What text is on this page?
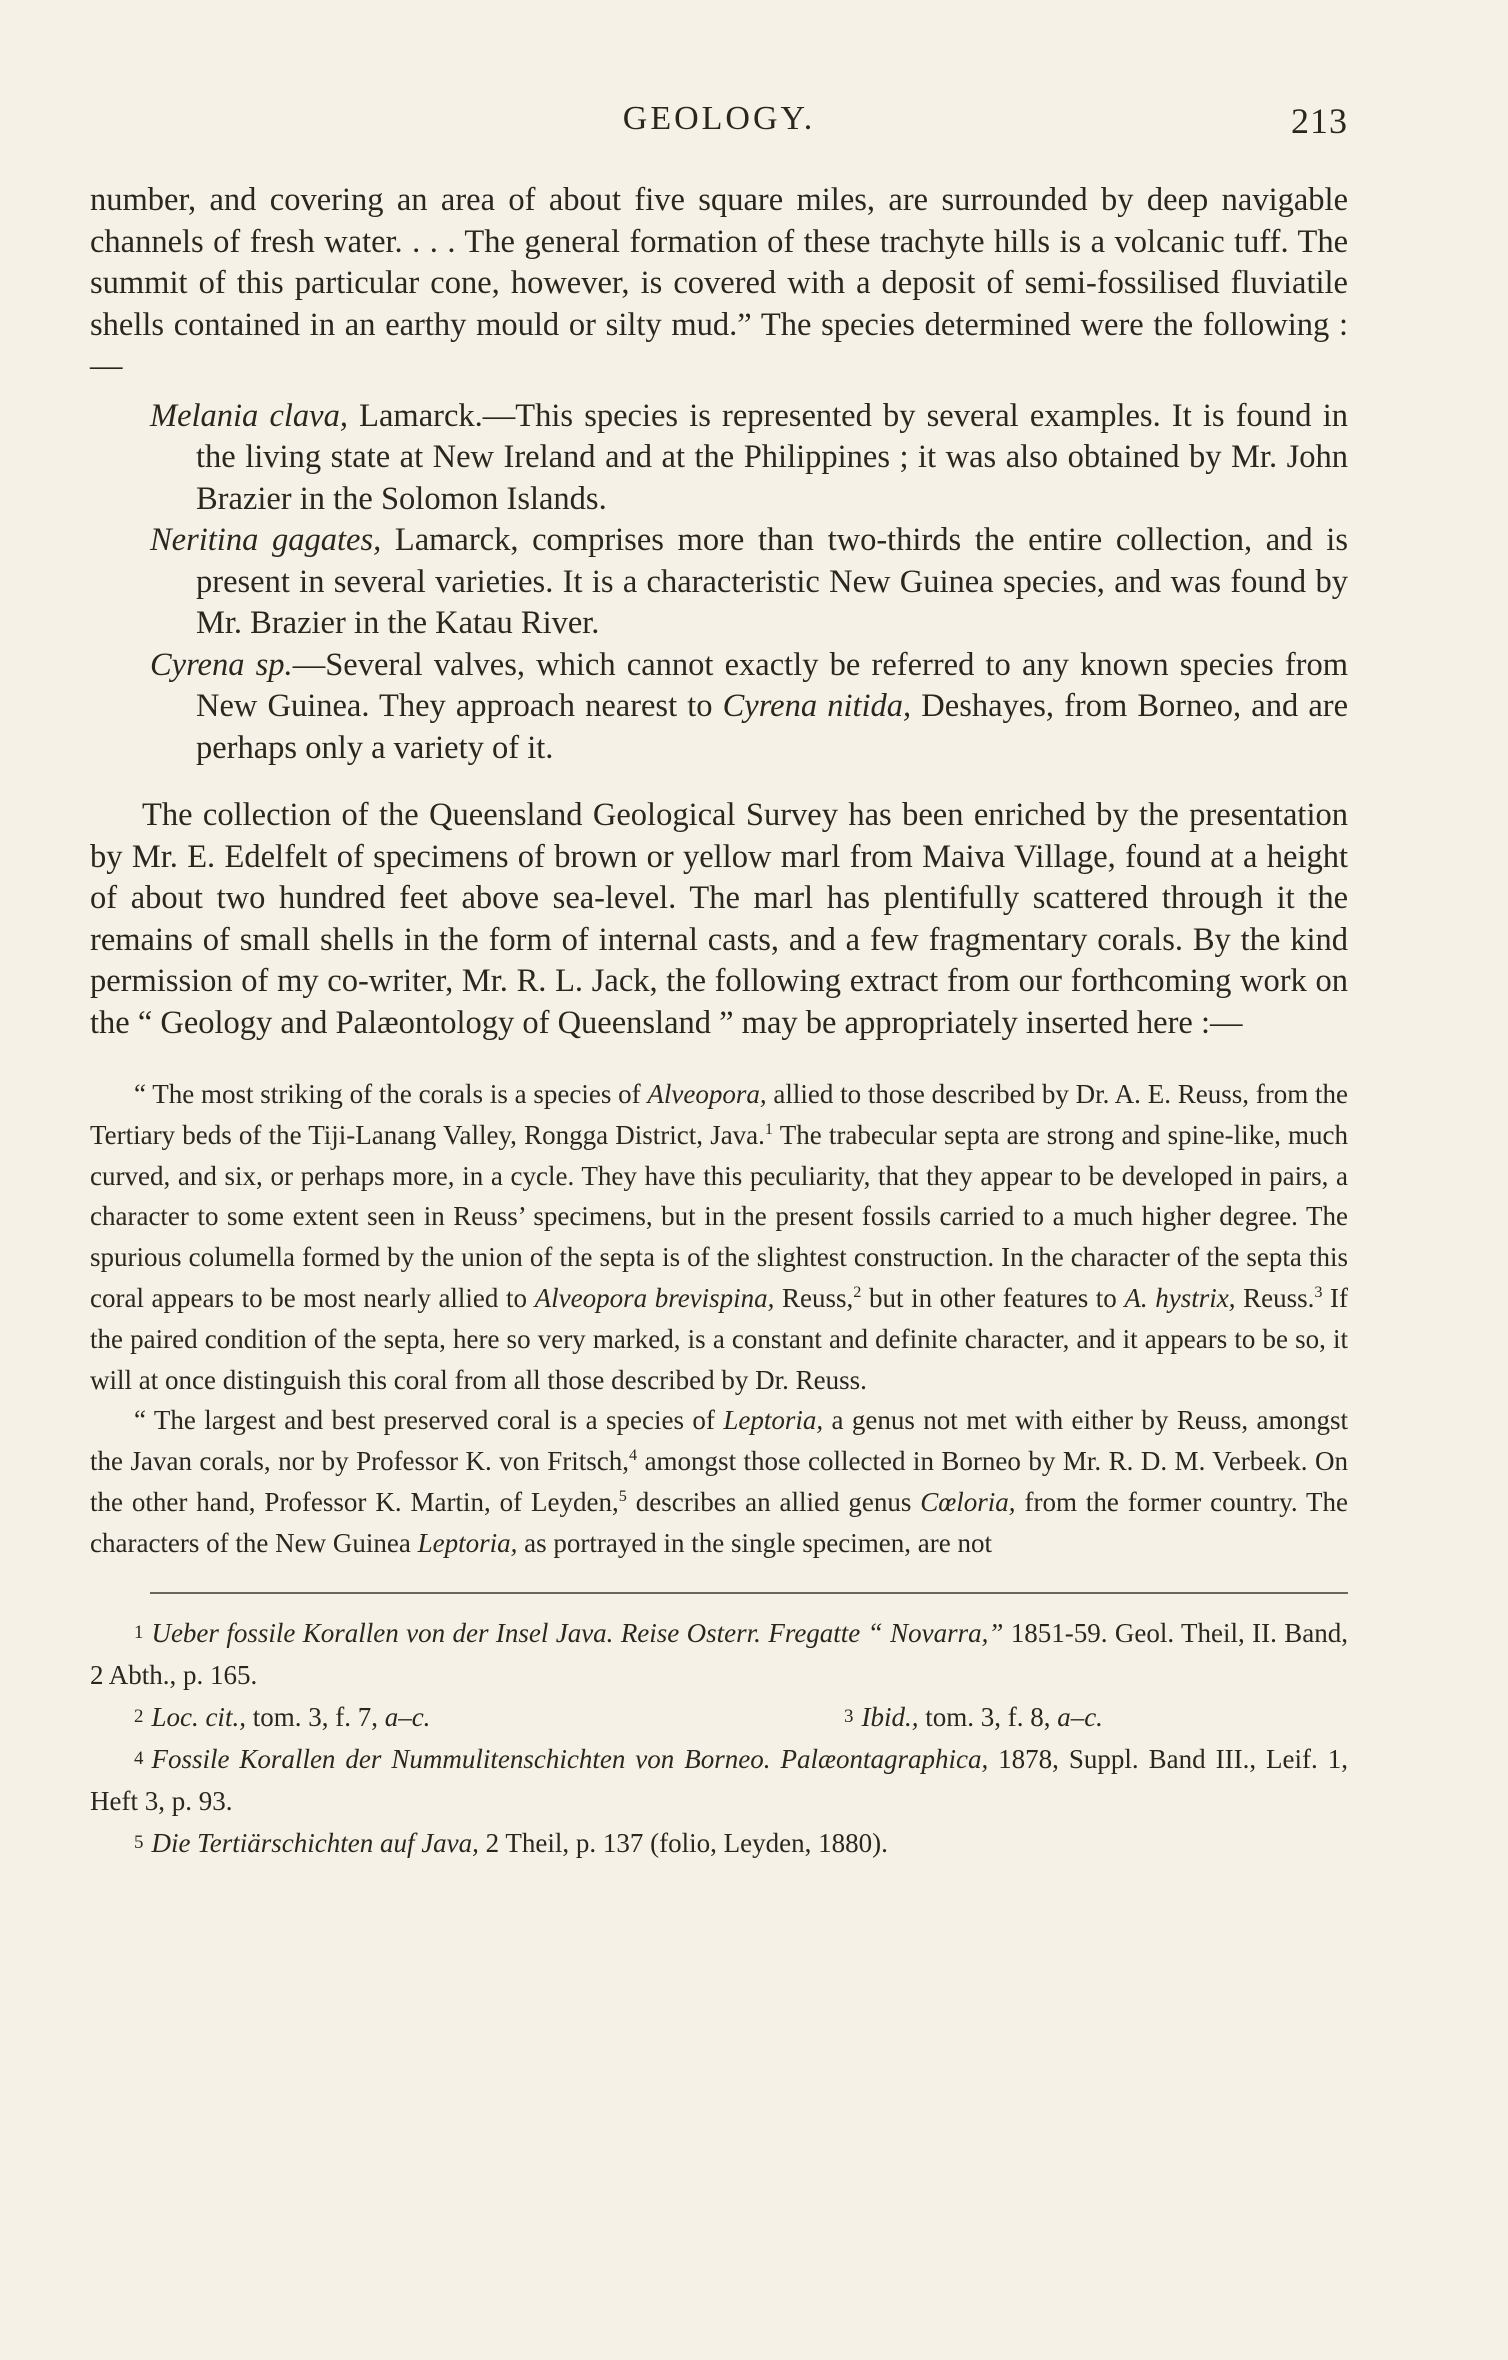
GEOLOGY.	213

number, and covering an area of about five square miles, are surrounded by deep navigable channels of fresh water. . . . The general formation of these trachyte hills is a volcanic tuff. The summit of this particular cone, however, is covered with a deposit of semi-fossilised fluviatile shells contained in an earthy mould or silty mud.” The species determined were the following :—

Melania clava, Lamarck.—This species is represented by several examples. It is found in the living state at New Ireland and at the Philippines ; it was also obtained by Mr. John Brazier in the Solomon Islands.

Neritina gagates, Lamarck, comprises more than two-thirds the entire collection, and is present in several varieties. It is a characteristic New Guinea species, and was found by Mr. Brazier in the Katau River.

Cyrena sp.—Several valves, which cannot exactly be referred to any known species from New Guinea. They approach nearest to Cyrena nitida, Deshayes, from Borneo, and are perhaps only a variety of it.

The collection of the Queensland Geological Survey has been enriched by the presentation by Mr. E. Edelfelt of specimens of brown or yellow marl from Maiva Village, found at a height of about two hundred feet above sea-level. The marl has plentifully scattered through it the remains of small shells in the form of internal casts, and a few fragmentary corals. By the kind permission of my co-writer, Mr. R. L. Jack, the following extract from our forthcoming work on the “ Geology and Palæontology of Queensland ” may be appropriately inserted here :—

“ The most striking of the corals is a species of Alveopora, allied to those described by Dr. A. E. Reuss, from the Tertiary beds of the Tiji-Lanang Valley, Rongga District, Java.$^1$ The trabecular septa are strong and spine-like, much curved, and six, or perhaps more, in a cycle. They have this peculiarity, that they appear to be developed in pairs, a character to some extent seen in Reuss’ specimens, but in the present fossils carried to a much higher degree. The spurious columella formed by the union of the septa is of the slightest construction. In the character of the septa this coral appears to be most nearly allied to Alveopora brevispina, Reuss,$^2$ but in other features to A. hystrix, Reuss.$^3$ If the paired condition of the septa, here so very marked, is a constant and definite character, and it appears to be so, it will at once distinguish this coral from all those described by Dr. Reuss.

“ The largest and best preserved coral is a species of Leptoria, a genus not met with either by Reuss, amongst the Javan corals, nor by Professor K. von Fritsch,$^4$ amongst those collected in Borneo by Mr. R. D. M. Verbeek. On the other hand, Professor K. Martin, of Leyden,$^5$ describes an allied genus Cœloria, from the former country. The characters of the New Guinea Leptoria, as portrayed in the single specimen, are not

1 Ueber fossile Korallen von der Insel Java. Reise Osterr. Fregatte “ Novarra,” 1851-59. Geol. Theil, II. Band, 2 Abth., p. 165.

2 Loc. cit., tom. 3, f. 7, a–c.	3 Ibid., tom. 3, f. 8, a–c.

4 Fossile Korallen der Nummulitenschichten von Borneo. Palæontagraphica, 1878, Suppl. Band III., Leif. 1, Heft 3, p. 93.

5 Die Tertiärschichten auf Java, 2 Theil, p. 137 (folio, Leyden, 1880).
